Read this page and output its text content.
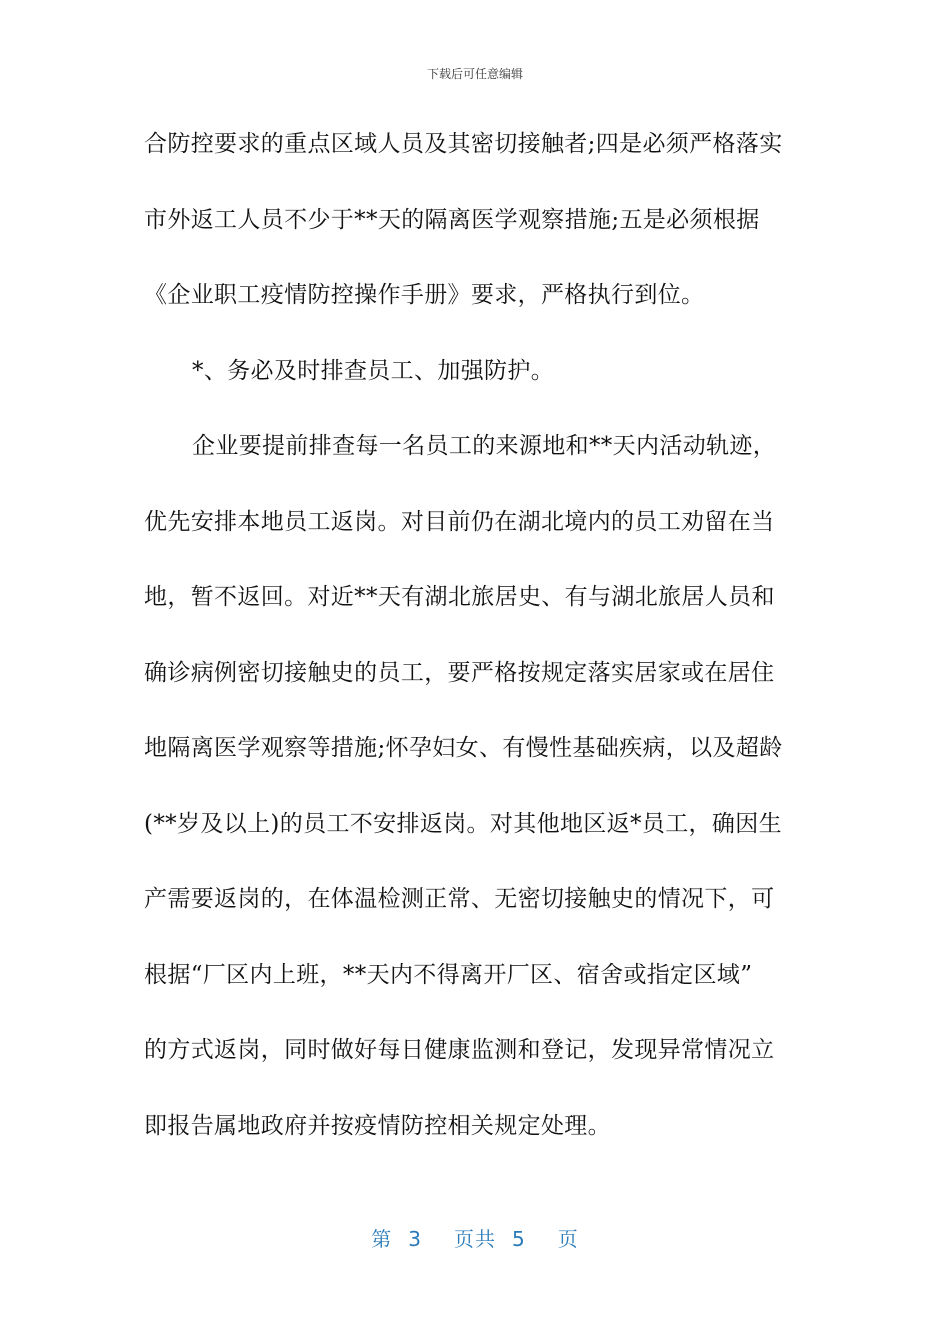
下载后可任意编辑
合防控要求的重点区域人员及其密切接触者;四是必须严格落实
市外返工人员不少于**天的隔离医学观察措施;五是必须根据
《企业职工疫情防控操作手册》要求，严格执行到位。
*、务必及时排查员工、加强防护。
企业要提前排查每一名员工的来源地和**天内活动轨迹，
优先安排本地员工返岗。对目前仍在湖北境内的员工劝留在当
地，暂不返回。对近**天有湖北旅居史、有与湖北旅居人员和
确诊病例密切接触史的员工，要严格按规定落实居家或在居住
地隔离医学观察等措施;怀孕妇女、有慢性基础疾病，以及超龄
(**岁及以上)的员工不安排返岗。对其他地区返*员工，确因生
产需要返岗的，在体温检测正常、无密切接触史的情况下，可
根据“厂区内上班，**天内不得离开厂区、宿舍或指定区域”
的方式返岗，同时做好每日健康监测和登记，发现异常情况立
即报告属地政府并按疫情防控相关规定处理。
第 3 页共 5 页
